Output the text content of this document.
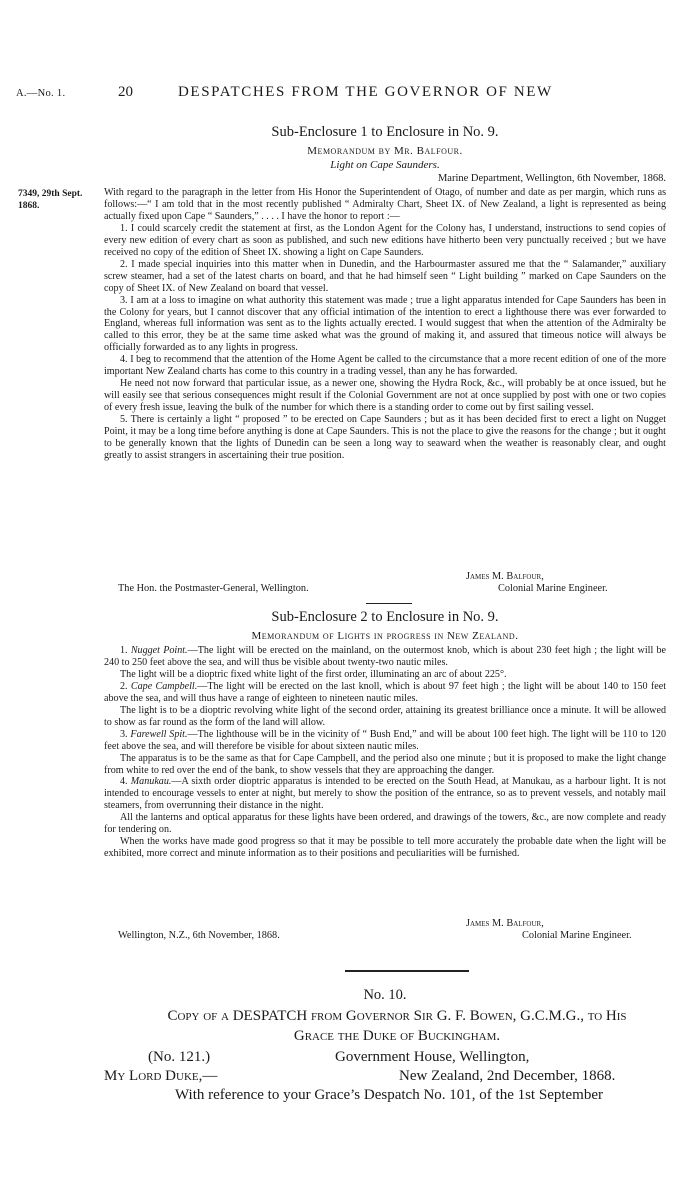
A.—No. 1.	20	DESPATCHES FROM THE GOVERNOR OF NEW
Sub-Enclosure 1 to Enclosure in No. 9.
Memorandum by Mr. Balfour.
Light on Cape Saunders.
Marine Department, Wellington, 6th November, 1868.
7349, 29th Sept.
1868.

With regard to the paragraph in the letter from His Honor the Superintendent of Otago, of number and date as per margin, which runs as follows:—“ I am told that in the most recently published “ Admiralty Chart, Sheet IX. of New Zealand, a light is represented as being actually fixed upon Cape “ Saunders,” . . . . I have the honor to report :—

1. I could scarcely credit the statement at first, as the London Agent for the Colony has, I understand, instructions to send copies of every new edition of every chart as soon as published, and such new editions have hitherto been very punctually received ; but we have received no copy of the edition of Sheet IX. showing a light on Cape Saunders.

2. I made special inquiries into this matter when in Dunedin, and the Harbourmaster assured me that the “ Salamander,” auxiliary screw steamer, had a set of the latest charts on board, and that he had himself seen “ Light building ” marked on Cape Saunders on the copy of Sheet IX. of New Zealand on board that vessel.

3. I am at a loss to imagine on what authority this statement was made ; true a light apparatus intended for Cape Saunders has been in the Colony for years, but I cannot discover that any official intimation of the intention to erect a lighthouse there was ever forwarded to England, whereas full information was sent as to the lights actually erected. I would suggest that when the attention of the Admiralty be called to this error, they be at the same time asked what was the ground of making it, and assured that timeous notice will always be officially forwarded as to any lights in progress.

4. I beg to recommend that the attention of the Home Agent be called to the circumstance that a more recent edition of one of the more important New Zealand charts has come to this country in a trading vessel, than any he has forwarded.

He need not now forward that particular issue, as a newer one, showing the Hydra Rock, &c., will probably be at once issued, but he will easily see that serious consequences might result if the Colonial Government are not at once supplied by post with one or two copies of every fresh issue, leaving the bulk of the number for which there is a standing order to come out by first sailing vessel.

5. There is certainly a light “ proposed ” to be erected on Cape Saunders ; but as it has been decided first to erect a light on Nugget Point, it may be a long time before anything is done at Cape Saunders. This is not the place to give the reasons for the change ; but it ought to be generally known that the lights of Dunedin can be seen a long way to seaward when the weather is reasonably clear, and ought greatly to assist strangers in ascertaining their true position.

James M. Balfour,
The Hon. the Postmaster-General, Wellington.	Colonial Marine Engineer.
Sub-Enclosure 2 to Enclosure in No. 9.
Memorandum of Lights in progress in New Zealand.

1. Nugget Point.—The light will be erected on the mainland, on the outermost knob, which is about 230 feet high ; the light will be 240 to 250 feet above the sea, and will thus be visible about twenty-two nautic miles.

The light will be a dioptric fixed white light of the first order, illuminating an arc of about 225°.

2. Cape Campbell.—The light will be erected on the last knoll, which is about 97 feet high ; the light will be about 140 to 150 feet above the sea, and will thus have a range of eighteen to nineteen nautic miles.

The light is to be a dioptric revolving white light of the second order, attaining its greatest brilliance once a minute. It will be allowed to show as far round as the form of the land will allow.

3. Farewell Spit.—The lighthouse will be in the vicinity of “ Bush End,” and will be about 100 feet high. The light will be 110 to 120 feet above the sea, and will therefore be visible for about sixteen nautic miles.

The apparatus is to be the same as that for Cape Campbell, and the period also one minute ; but it is proposed to make the light change from white to red over the end of the bank, to show vessels that they are approaching the danger.

4. Manukau.—A sixth order dioptric apparatus is intended to be erected on the South Head, at Manukau, as a harbour light. It is not intended to encourage vessels to enter at night, but merely to show the position of the entrance, so as to prevent vessels, and notably mail steamers, from overrunning their distance in the night.

All the lanterns and optical apparatus for these lights have been ordered, and drawings of the towers, &c., are now complete and ready for tendering on.

When the works have made good progress so that it may be possible to tell more accurately the probable date when the light will be exhibited, more correct and minute information as to their positions and peculiarities will be furnished.

James M. Balfour,
Wellington, N.Z., 6th November, 1868.	Colonial Marine Engineer.
No. 10.
Copy of a DESPATCH from Governor Sir G. F. Bowen, G.C.M.G., to His
Grace the Duke of Buckingham.
(No. 121.)	Government House, Wellington,
My Lord Duke,—	New Zealand, 2nd December, 1868.
With reference to your Grace’s Despatch No. 101, of the 1st September
